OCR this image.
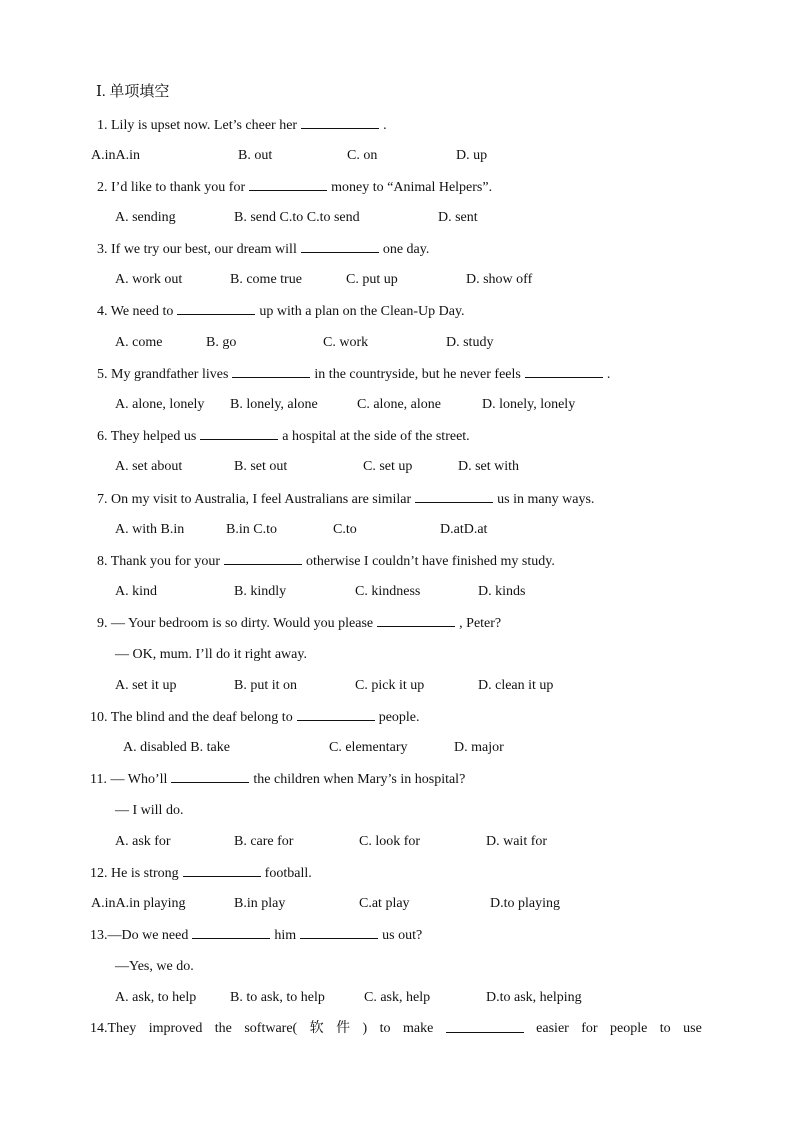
Ⅰ. 单项填空
1. Lily is upset now. Let’s cheer her	.
A.inA.in	B. out	C. on	D. up
2. I’d like to thank you for	money to “Animal Helpers”.
A. sending	B. send C.to C.to send	D. sent
3. If we try our best, our dream will	one day.
A. work out	B. come true	C. put up	D. show off
4. We need to	up with a plan on the Clean-Up Day.
A. come	B. go	C. work	D. study
5. My grandfather lives	in the countryside, but he never feels	.
A. alone, lonely B. lonely, alone	C. alone, alone	D. lonely, lonely
6. They helped us	a hospital at the side of the street.
A. set about	B. set out	C. set up	D. set with
7. On my visit to Australia, I feel Australians are similar	us in many ways.
A. with B.in	B.in C.to	C.to	D.atD.at
8. Thank you for your	otherwise I couldn’t have finished my study.
A. kind	B. kindly	C. kindness	D. kinds
9. — Your bedroom is so dirty. Would you please	, Peter?
— OK, mum. I’ll do it right away.
A. set it up	B. put it on	C. pick it up	D. clean it up
10. The blind and the deaf belong to	people.
A. disabled B. take	C. elementary	D. major
11. — Who’ll	the children when Mary’s in hospital?
— I will do.
A. ask for	B. care for	C. look for	D. wait for
12. He is strong	football.
A.inA.in playing	B.in play	C.at play	D.to playing
13.—Do we need	him	us out?
—Yes, we do.
A. ask, to help B. to ask, to help	C. ask, help	D.to ask, helping
14.They improved the software( 软 件 ) to make	easier for people to use
